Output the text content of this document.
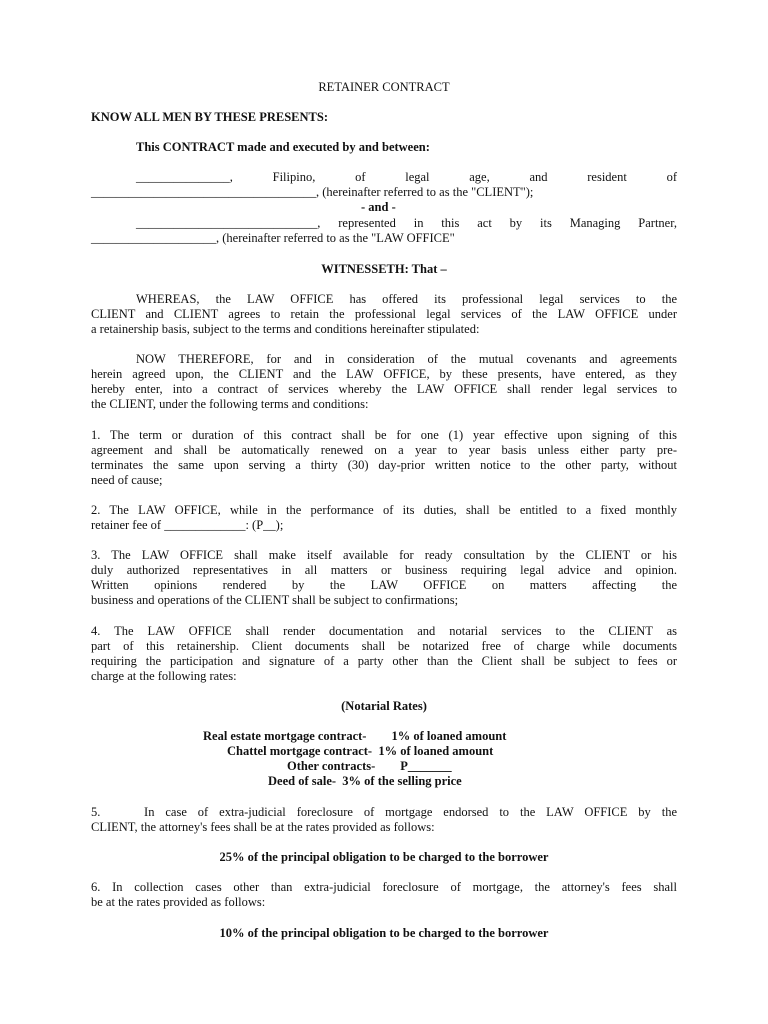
RETAINER CONTRACT
KNOW ALL MEN BY THESE PRESENTS:
This CONTRACT made and executed by and between:
_______________, Filipino, of legal age, and resident of
____________________________________, (hereinafter referred to as the "CLIENT");
- and -
_____________________________, represented in this act by its Managing Partner,
____________________, (hereinafter referred to as the "LAW OFFICE"
WITNESSETH: That –
WHEREAS, the LAW OFFICE has offered its professional legal services to the
CLIENT and CLIENT agrees to retain the professional legal services of the LAW OFFICE under
a retainership basis, subject to the terms and conditions hereinafter stipulated:
NOW THEREFORE, for and in consideration of the mutual covenants and agreements
herein agreed upon, the CLIENT and the LAW OFFICE, by these presents, have entered, as they
hereby enter, into a contract of services whereby the LAW OFFICE shall render legal services to
the CLIENT, under the following terms and conditions:
1. The term or duration of this contract shall be for one (1) year effective upon signing of this
agreement and shall be automatically renewed on a year to year basis unless either party pre-
terminates the same upon serving a thirty (30) day-prior written notice to the other party, without
need of cause;
2. The LAW OFFICE, while in the performance of its duties, shall be entitled to a fixed monthly
retainer fee of _____________: (P__);
3. The LAW OFFICE shall make itself available for ready consultation by the CLIENT or his
duly authorized representatives in all matters or business requiring legal advice and opinion.
Written opinions rendered by the LAW OFFICE on matters affecting the
business and operations of the CLIENT shall be subject to confirmations;
4. The LAW OFFICE shall render documentation and notarial services to the CLIENT as
part of this retainership. Client documents shall be notarized free of charge while documents
requiring the participation and signature of a party other than the Client shall be subject to fees or
charge at the following rates:
(Notarial Rates)
Real estate mortgage contract-        1% of loaned amount
Chattel mortgage contract-  1% of loaned amount
Other contracts-        P_______
Deed of sale-  3% of the selling price
5.    In case of extra-judicial foreclosure of mortgage endorsed to the LAW OFFICE by the
CLIENT, the attorney's fees shall be at the rates provided as follows:
25% of the principal obligation to be charged to the borrower
6. In collection cases other than extra-judicial foreclosure of mortgage, the attorney's fees shall
be at the rates provided as follows:
10% of the principal obligation to be charged to the borrower
